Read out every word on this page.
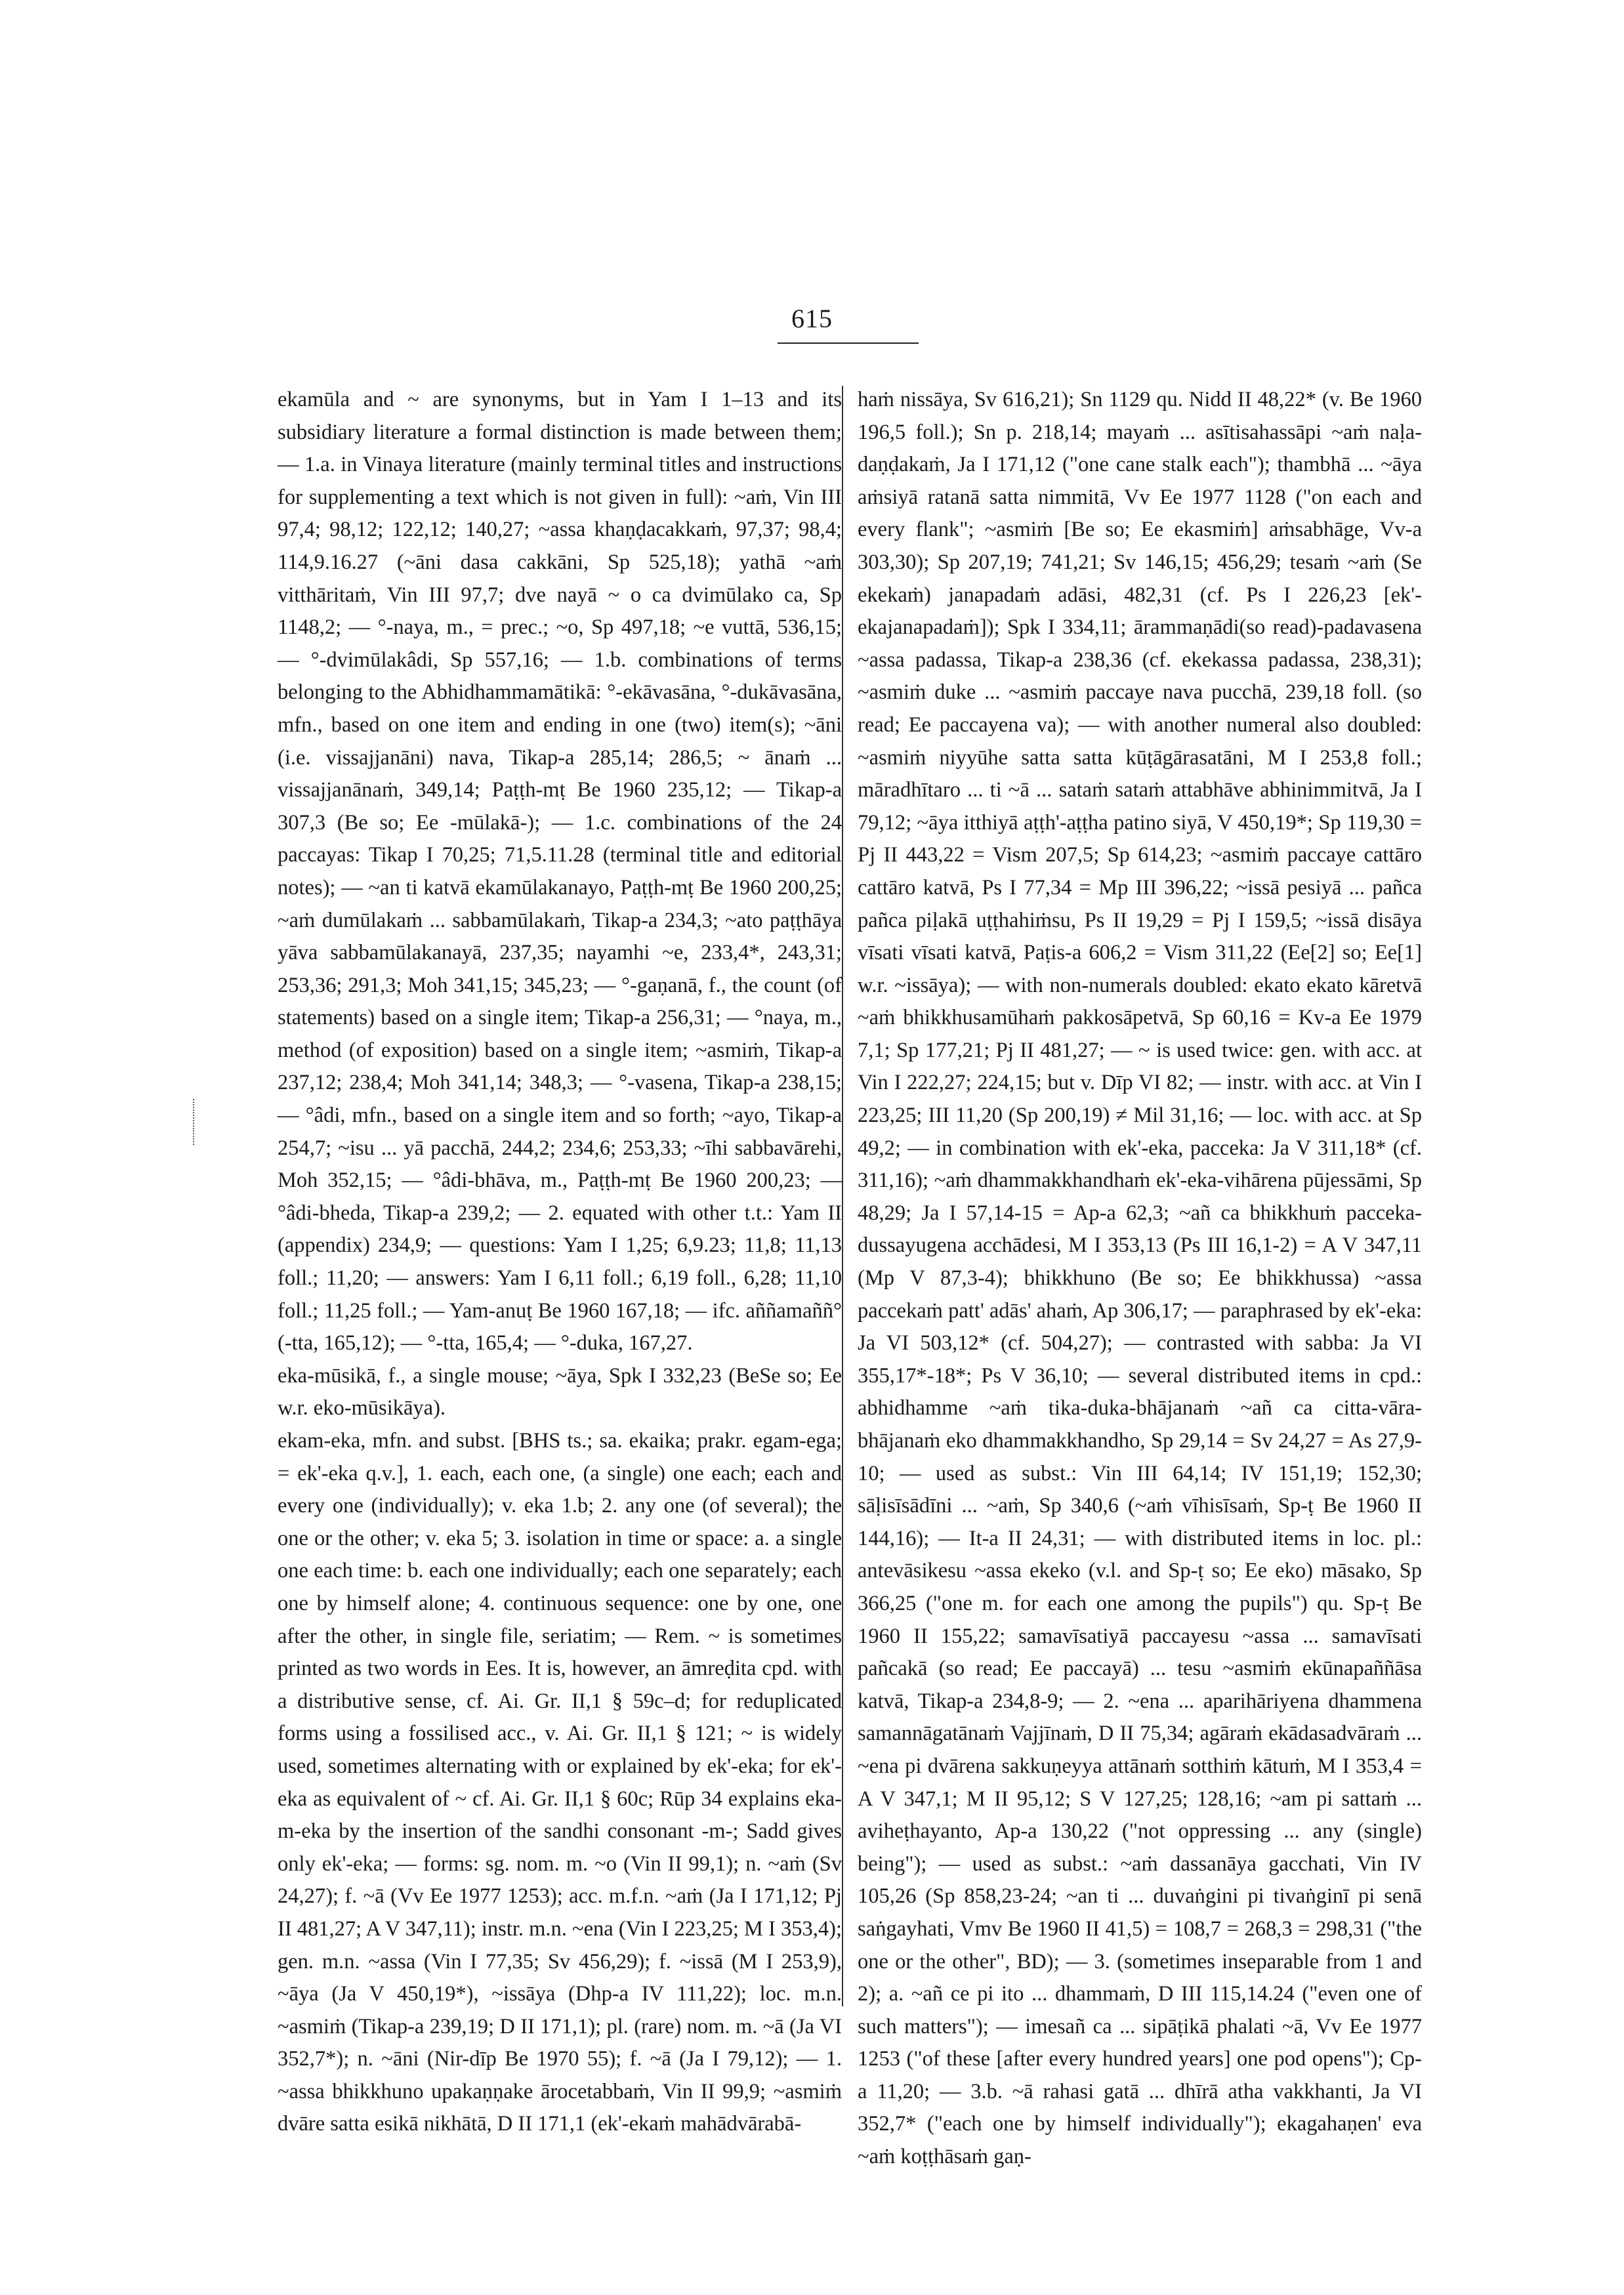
615

ekamūla and ~ are synonyms, but in Yam I 1–13 and its subsidiary literature a formal distinction is made between them; — 1.a. in Vinaya literature (mainly terminal titles and instructions for supplementing a text which is not given in full): ~aṁ, Vin III 97,4; 98,12; 122,12; 140,27; ~assa khaṇḍacakkaṁ, 97,37; 98,4; 114,9.16.27 (~āni dasa cakkāni, Sp 525,18); yathā ~aṁ vitthāritaṁ, Vin III 97,7; dve nayā ~ o ca dvimūlako ca, Sp 1148,2; — °-naya, m., = prec.; ~o, Sp 497,18; ~e vuttā, 536,15; — °-dvimūlakâdi, Sp 557,16; — 1.b. combinations of terms belonging to the Abhidhammamātikā: °-ekāvasāna, °-dukāvasāna, mfn., based on one item and ending in one (two) item(s); ~āni (i.e. vissajjanāni) nava, Tikap-a 285,14; 286,5; ~ ānaṁ ... vissajjanānaṁ, 349,14; Paṭṭh-mṭ Be 1960 235,12; — Tikap-a 307,3 (Be so; Ee -mūlakā-); — 1.c. combinations of the 24 paccayas: Tikap I 70,25; 71,5.11.28 (terminal title and editorial notes); — ~an ti katvā ekamūlakanayo, Paṭṭh-mṭ Be 1960 200,25; ~aṁ dumūlakaṁ ... sabbamūlakaṁ, Tikap-a 234,3; ~ato paṭṭhāya yāva sabbamūlakanayā, 237,35; nayamhi ~e, 233,4*, 243,31; 253,36; 291,3; Moh 341,15; 345,23; — °-gaṇanā, f., the count (of statements) based on a single item; Tikap-a 256,31; — °naya, m., method (of exposition) based on a single item; ~asmiṁ, Tikap-a 237,12; 238,4; Moh 341,14; 348,3; — °-vasena, Tikap-a 238,15; — °âdi, mfn., based on a single item and so forth; ~ayo, Tikap-a 254,7; ~isu ... yā pacchā, 244,2; 234,6; 253,33; ~īhi sabbavārehi, Moh 352,15; — °âdi-bhāva, m., Paṭṭh-mṭ Be 1960 200,23; — °âdi-bheda, Tikap-a 239,2; — 2. equated with other t.t.: Yam II (appendix) 234,9; — questions: Yam I 1,25; 6,9.23; 11,8; 11,13 foll.; 11,20; — answers: Yam I 6,11 foll.; 6,19 foll., 6,28; 11,10 foll.; 11,25 foll.; — Yam-anuṭ Be 1960 167,18; — ifc. aññamaññ° (-tta, 165,12); — °-tta, 165,4; — °-duka, 167,27.

eka-mūsikā, f., a single mouse; ~āya, Spk I 332,23 (BeSe so; Ee w.r. eko-mūsikāya).

ekam-eka, mfn. and subst. [BHS ts.; sa. ekaika; prakr. egam-ega; = ek'-eka q.v.], 1. each, each one, (a single) one each; each and every one (individually); v. eka 1.b; 2. any one (of several); the one or the other; v. eka 5; 3. isolation in time or space: a. a single one each time: b. each one individually; each one separately; each one by himself alone; 4. continuous sequence: one by one, one after the other, in single file, seriatim; — Rem. ~ is sometimes printed as two words in Ees. It is, however, an āmreḍita cpd. with a distributive sense, cf. Ai. Gr. II,1 § 59c–d; for reduplicated forms using a fossilised acc., v. Ai. Gr. II,1 § 121; ~ is widely used, sometimes alternating with or explained by ek'-eka; for ek'-eka as equivalent of ~ cf. Ai. Gr. II,1 § 60c; Rūp 34 explains eka-m-eka by the insertion of the sandhi consonant -m-; Sadd gives only ek'-eka; — forms: sg. nom. m. ~o (Vin II 99,1); n. ~aṁ (Sv 24,27); f. ~ā (Vv Ee 1977 1253); acc. m.f.n. ~aṁ (Ja I 171,12; Pj II 481,27; A V 347,11); instr. m.n. ~ena (Vin I 223,25; M I 353,4); gen. m.n. ~assa (Vin I 77,35; Sv 456,29); f. ~issā (M I 253,9), ~āya (Ja V 450,19*), ~issāya (Dhp-a IV 111,22); loc. m.n. ~asmiṁ (Tikap-a 239,19; D II 171,1); pl. (rare) nom. m. ~ā (Ja VI 352,7*); n. ~āni (Nir-dīp Be 1970 55); f. ~ā (Ja I 79,12); — 1. ~assa bhikkhuno upakaṇṇake ārocetabbaṁ, Vin II 99,9; ~asmiṁ dvāre satta esikā nikhātā, D II 171,1 (ek'-ekaṁ mahādvārabā-

haṁ nissāya, Sv 616,21); Sn 1129 qu. Nidd II 48,22* (v. Be 1960 196,5 foll.); Sn p. 218,14; mayaṁ ... asītisahassāpi ~aṁ naḷa-daṇḍakaṁ, Ja I 171,12 ("one cane stalk each"); thambhā ... ~āya aṁsiyā ratanā satta nimmitā, Vv Ee 1977 1128 ("on each and every flank"; ~asmiṁ [Be so; Ee ekasmiṁ] aṁsabhāge, Vv-a 303,30); Sp 207,19; 741,21; Sv 146,15; 456,29; tesaṁ ~aṁ (Se ekekaṁ) janapadaṁ adāsi, 482,31 (cf. Ps I 226,23 [ek'-ekajanapadaṁ]); Spk I 334,11; ārammaṇādi(so read)-padavasena ~assa padassa, Tikap-a 238,36 (cf. ekekassa padassa, 238,31); ~asmiṁ duke ... ~asmiṁ paccaye nava pucchā, 239,18 foll. (so read; Ee paccayena va); — with another numeral also doubled: ~asmiṁ niyyūhe satta satta kūṭāgārasatāni, M I 253,8 foll.; māradhītaro ... ti ~ā ... sataṁ sataṁ attabhāve abhinimmitvā, Ja I 79,12; ~āya itthiyā aṭṭh'-aṭṭha patino siyā, V 450,19*; Sp 119,30 = Pj II 443,22 = Vism 207,5; Sp 614,23; ~asmiṁ paccaye cattāro cattāro katvā, Ps I 77,34 = Mp III 396,22; ~issā pesiyā ... pañca pañca piḷakā uṭṭhahiṁsu, Ps II 19,29 = Pj I 159,5; ~issā disāya vīsati vīsati katvā, Paṭis-a 606,2 = Vism 311,22 (Ee[2] so; Ee[1] w.r. ~issāya); — with non-numerals doubled: ekato ekato kāretvā ~aṁ bhikkhusamūhaṁ pakkosāpetvā, Sp 60,16 = Kv-a Ee 1979 7,1; Sp 177,21; Pj II 481,27; — ~ is used twice: gen. with acc. at Vin I 222,27; 224,15; but v. Dīp VI 82; — instr. with acc. at Vin I 223,25; III 11,20 (Sp 200,19) ≠ Mil 31,16; — loc. with acc. at Sp 49,2; — in combination with ek'-eka, pacceka: Ja V 311,18* (cf. 311,16); ~aṁ dhammakkhandhaṁ ek'-eka-vihārena pūjessāmi, Sp 48,29; Ja I 57,14-15 = Ap-a 62,3; ~añ ca bhikkhuṁ pacceka-dussayugena acchādesi, M I 353,13 (Ps III 16,1-2) = A V 347,11 (Mp V 87,3-4); bhikkhuno (Be so; Ee bhikkhussa) ~assa paccekaṁ patt' adās' ahaṁ, Ap 306,17; — paraphrased by ek'-eka: Ja VI 503,12* (cf. 504,27); — contrasted with sabba: Ja VI 355,17*-18*; Ps V 36,10; — several distributed items in cpd.: abhidhamme ~aṁ tika-duka-bhājanaṁ ~añ ca citta-vāra-bhājanaṁ eko dhammakkhandho, Sp 29,14 = Sv 24,27 = As 27,9-10; — used as subst.: Vin III 64,14; IV 151,19; 152,30; sāḷisīsādīni ... ~aṁ, Sp 340,6 (~aṁ vīhisīsaṁ, Sp-ṭ Be 1960 II 144,16); — It-a II 24,31; — with distributed items in loc. pl.: antevāsikesu ~assa ekeko (v.l. and Sp-ṭ so; Ee eko) māsako, Sp 366,25 ("one m. for each one among the pupils") qu. Sp-ṭ Be 1960 II 155,22; samavīsatiyā paccayesu ~assa ... samavīsati pañcakā (so read; Ee paccayā) ... tesu ~asmiṁ ekūnapaññāsa katvā, Tikap-a 234,8-9; — 2. ~ena ... aparihāriyena dhammena samannāgatānaṁ Vajjīnaṁ, D II 75,34; agāraṁ ekādasadvāraṁ ... ~ena pi dvārena sakkuṇeyya attānaṁ sotthiṁ kātuṁ, M I 353,4 = A V 347,1; M II 95,12; S V 127,25; 128,16; ~am pi sattaṁ ... aviheṭhayanto, Ap-a 130,22 ("not oppressing ... any (single) being"); — used as subst.: ~aṁ dassanāya gacchati, Vin IV 105,26 (Sp 858,23-24; ~an ti ... duvaṅgini pi tivaṅginī pi senā saṅgayhati, Vmv Be 1960 II 41,5) = 108,7 = 268,3 = 298,31 ("the one or the other", BD); — 3. (sometimes inseparable from 1 and 2); a. ~añ ce pi ito ... dhammaṁ, D III 115,14.24 ("even one of such matters"); — imesañ ca ... sipāṭikā phalati ~ā, Vv Ee 1977 1253 ("of these [after every hundred years] one pod opens"); Cp-a 11,20; — 3.b. ~ā rahasi gatā ... dhīrā atha vakkhanti, Ja VI 352,7* ("each one by himself individually"); ekagahaṇen' eva ~aṁ koṭṭhāsaṁ gaṇ-
